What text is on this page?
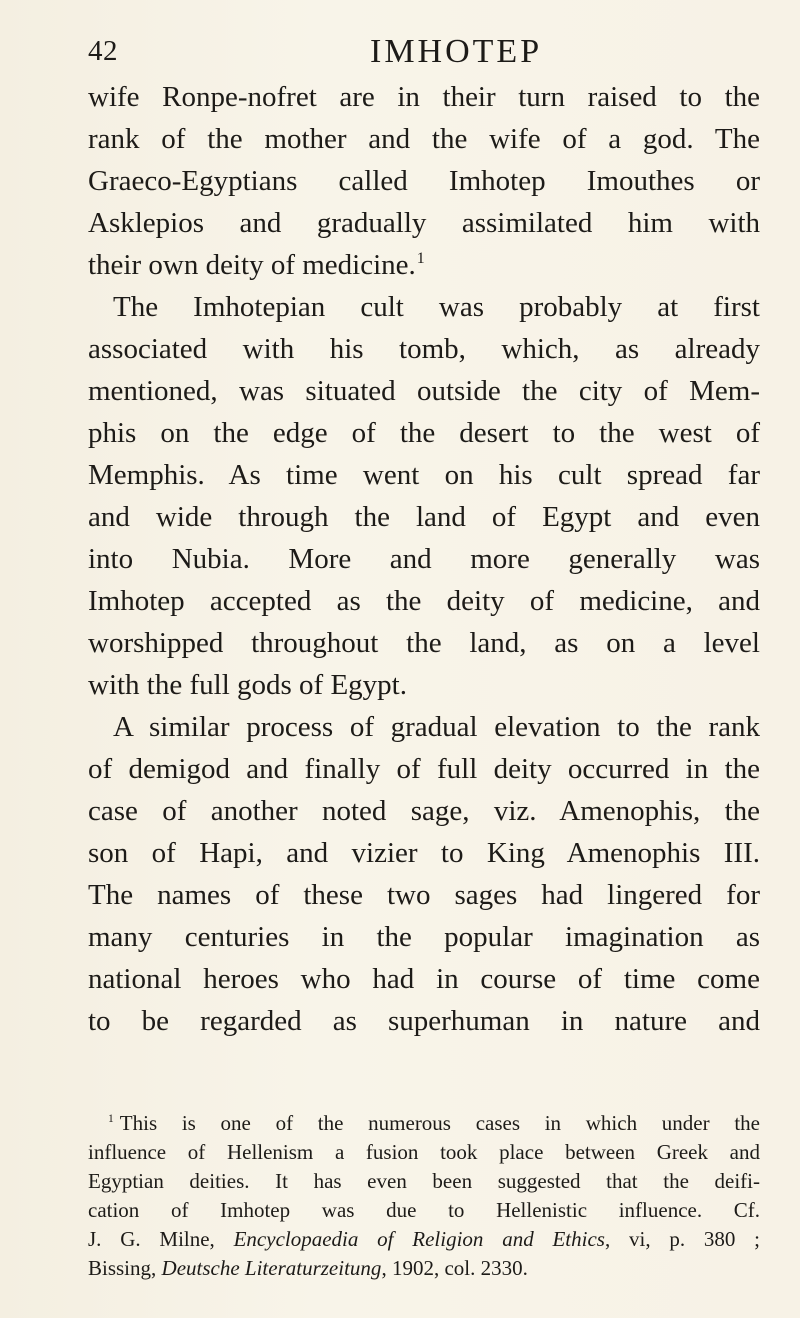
42	IMHOTEP
wife Ronpe-nofret are in their turn raised to the
rank of the mother and the wife of a god. The
Graeco-Egyptians called Imhotep Imouthes or
Asklepios and gradually assimilated him with
their own deity of medicine.$^1$
The Imhotepian cult was probably at first
associated with his tomb, which, as already
mentioned, was situated outside the city of Mem-
phis on the edge of the desert to the west of
Memphis. As time went on his cult spread far
and wide through the land of Egypt and even
into Nubia. More and more generally was
Imhotep accepted as the deity of medicine, and
worshipped throughout the land, as on a level
with the full gods of Egypt.
A similar process of gradual elevation to the rank
of demigod and finally of full deity occurred in the
case of another noted sage, viz. Amenophis, the
son of Hapi, and vizier to King Amenophis III.
The names of these two sages had lingered for
many centuries in the popular imagination as
national heroes who had in course of time come
to be regarded as superhuman in nature and
$^1$ This is one of the numerous cases in which under the
influence of Hellenism a fusion took place between Greek and
Egyptian deities. It has even been suggested that the deifi-
cation of Imhotep was due to Hellenistic influence. Cf.
J. G. Milne, Encyclopaedia of Religion and Ethics, vi, p. 380 ;
Bissing, Deutsche Literaturzeitung, 1902, col. 2330.
